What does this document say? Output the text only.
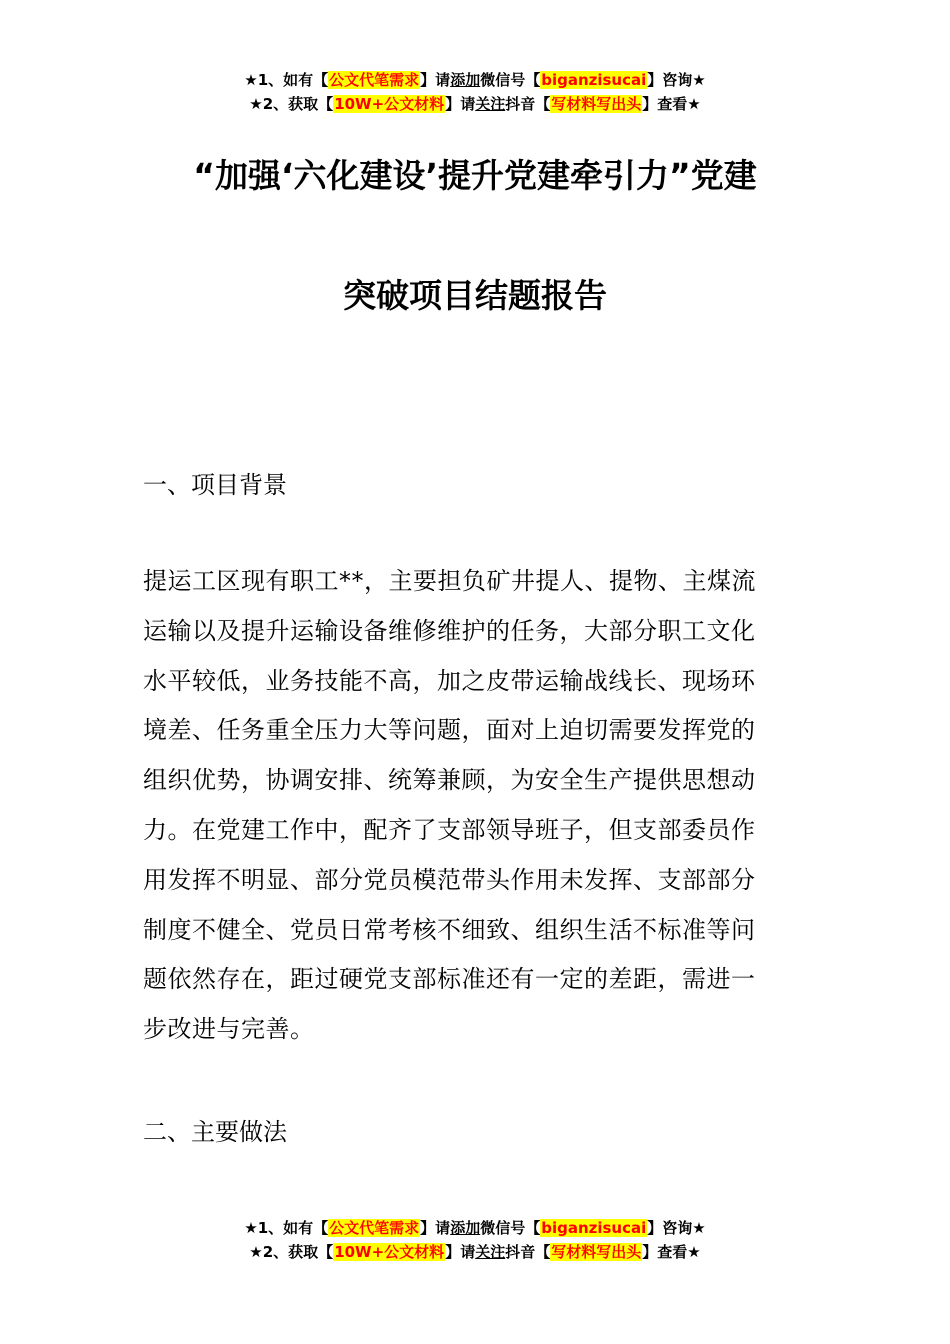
★1、如有【公文代笔需求】请添加微信号【biganzisucai】咨询★
★2、获取【10W+公文材料】请关注抖音【写材料写出头】查看★
“加强‘六化建设’提升党建牵引力”党建
突破项目结题报告
一、项目背景
提运工区现有职工**，主要担负矿井提人、提物、主煤流
运输以及提升运输设备维修维护的任务，大部分职工文化
水平较低，业务技能不高，加之皮带运输战线长、现场环
境差、任务重全压力大等问题，面对上迫切需要发挥党的
组织优势，协调安排、统筹兼顾，为安全生产提供思想动
力。在党建工作中，配齐了支部领导班子，但支部委员作
用发挥不明显、部分党员模范带头作用未发挥、支部部分
制度不健全、党员日常考核不细致、组织生活不标准等问
题依然存在，距过硬党支部标准还有一定的差距，需进一
步改进与完善。
二、主要做法
★1、如有【公文代笔需求】请添加微信号【biganzisucai】咨询★
★2、获取【10W+公文材料】请关注抖音【写材料写出头】查看★
